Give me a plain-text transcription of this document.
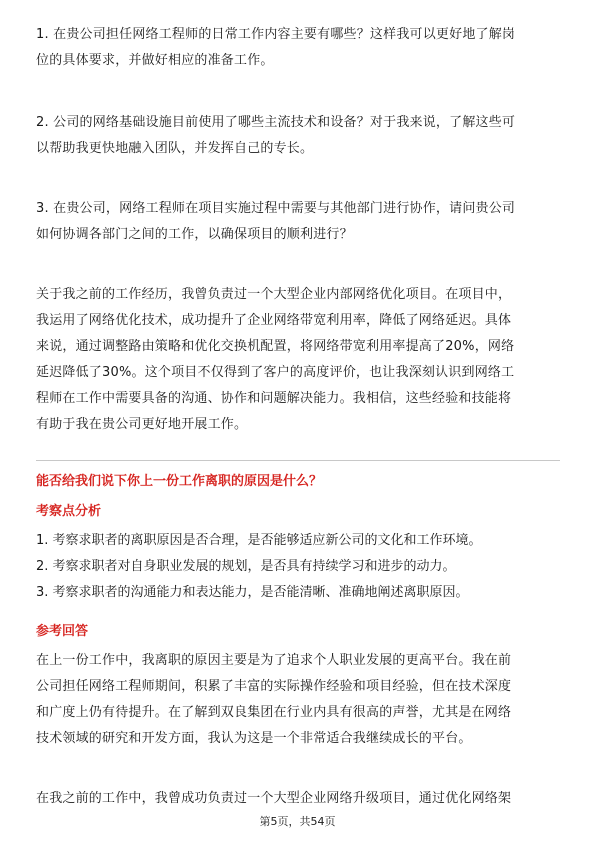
1. 在贵公司担任网络工程师的日常工作内容主要有哪些？这样我可以更好地了解岗
位的具体要求，并做好相应的准备工作。

2. 公司的网络基础设施目前使用了哪些主流技术和设备？对于我来说，了解这些可
以帮助我更快地融入团队，并发挥自己的专长。

3. 在贵公司，网络工程师在项目实施过程中需要与其他部门进行协作，请问贵公司
如何协调各部门之间的工作，以确保项目的顺利进行？

关于我之前的工作经历，我曾负责过一个大型企业内部网络优化项目。在项目中，
我运用了网络优化技术，成功提升了企业网络带宽利用率，降低了网络延迟。具体
来说，通过调整路由策略和优化交换机配置，将网络带宽利用率提高了20%，网络
延迟降低了30%。这个项目不仅得到了客户的高度评价，也让我深刻认识到网络工
程师在工作中需要具备的沟通、协作和问题解决能力。我相信，这些经验和技能将
有助于我在贵公司更好地开展工作。

能否给我们说下你上一份工作离职的原因是什么？
考察点分析
1. 考察求职者的离职原因是否合理，是否能够适应新公司的文化和工作环境。
2. 考察求职者对自身职业发展的规划，是否具有持续学习和进步的动力。
3. 考察求职者的沟通能力和表达能力，是否能清晰、准确地阐述离职原因。
参考回答

在上一份工作中，我离职的原因主要是为了追求个人职业发展的更高平台。我在前
公司担任网络工程师期间，积累了丰富的实际操作经验和项目经验，但在技术深度
和广度上仍有待提升。在了解到双良集团在行业内具有很高的声誉，尤其是在网络
技术领域的研究和开发方面，我认为这是一个非常适合我继续成长的平台。

在我之前的工作中，我曾成功负责过一个大型企业网络升级项目，通过优化网络架

第5页，共54页
